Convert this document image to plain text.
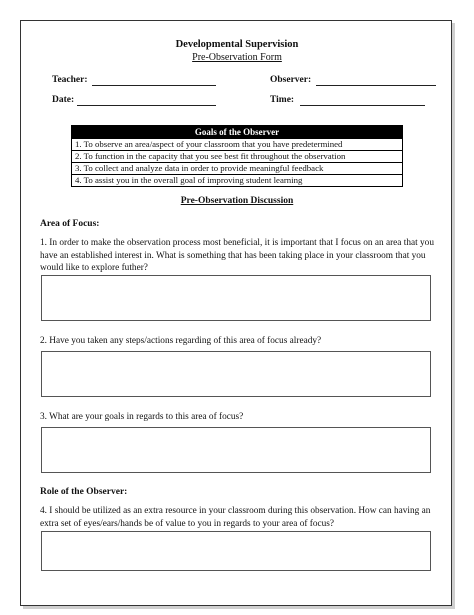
Developmental Supervision
Pre-Observation Form
Teacher:	Observer:
Date:	Time:
Goals of the Observer
1. To observe an area/aspect of your classroom that you have predetermined
2. To function in the capacity that you see best fit throughout the observation
3. To collect and analyze data in order to provide meaningful feedback
4. To assist you in the overall goal of improving student learning
Pre-Observation Discussion
Area of Focus:
1. In order to make the observation process most beneficial, it is important that I focus on an area that you have an established interest in. What is something that has been taking place in your classroom that you would like to explore futher?
2. Have you taken any steps/actions regarding of this area of focus already?
3. What are your goals in regards to this area of focus?
Role of the Observer:
4. I should be utilized as an extra resource in your classroom during this observation. How can having an extra set of eyes/ears/hands be of value to you in regards to your area of focus?
